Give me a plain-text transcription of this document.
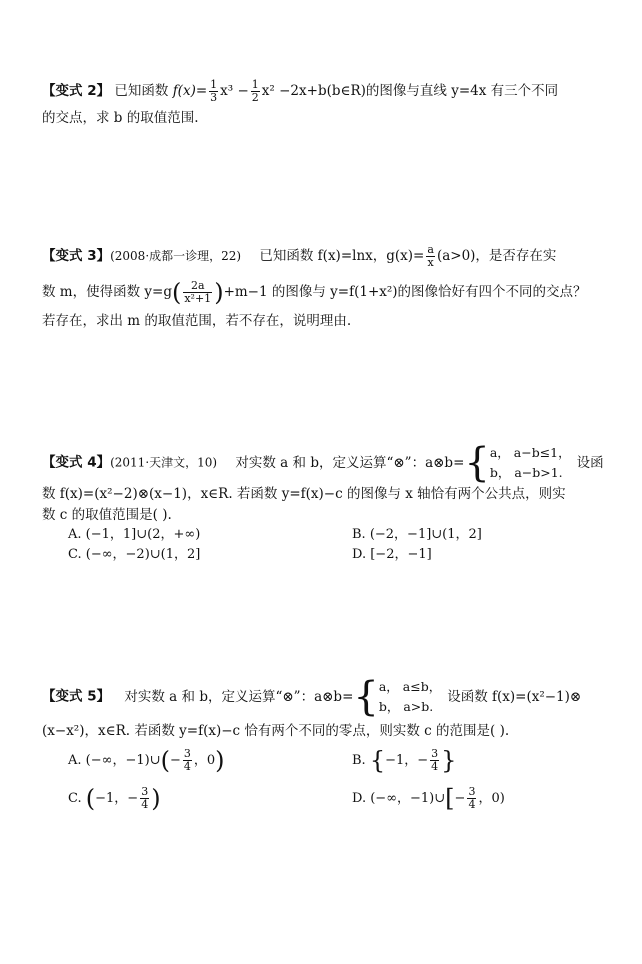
【变式 2】 已知函数 $f(x)= \frac{1}{3} x^3 - \frac{1}{2} x^2$ −2x+b(b∈R)的图像与直线 y=4x 有三个不同
的交点，求 b 的取值范围.
【变式 3】(2008·成都一诊理，22) 已知函数 f(x)=lnx，$g(x)= \frac{a}{x} (a>0)$，是否存在实
数 m，使得函数 $y=g( \frac{2a}{\text{x²+1}} )+m-1$ 的图像与 y=f(1+x²)的图像恰好有四个不同的交点？
若存在，求出 m 的取值范围，若不存在，说明理由.
【变式 4】(2011·天津文，10) 对实数 a 和 b，定义运算“⊗”：a⊗b={ a， a−b≤1，
b， a−b>1.
设函
数 f(x)=(x²−2)⊗(x−1)，x∈R. 若函数 y=f(x)−c 的图像与 x 轴恰有两个公共点，则实
数 c 的取值范围是( ).
A. (−1，1]∪(2，+∞)	B. (−2，−1]∪(1，2]
C. (−∞，−2)∪(1，2]	D. [−2，−1]
【变式 5】 对实数 a 和 b，定义运算“⊗”：a⊗b={ a， a≤b，
b， a>b.
设函数 f(x)=(x²−1)⊗
(x−x²)，x∈R. 若函数 y=f(x)−c 恰有两个不同的零点，则实数 c 的范围是( ).
A. (−∞，−1)∪(− $\frac{3}{4}$ ，0)	B. {−1，− $\frac{3}{4}$ }
C. (−1，− $\frac{3}{4}$ )	D. (−∞，−1)∪[− $\frac{3}{4}$ ，0)
